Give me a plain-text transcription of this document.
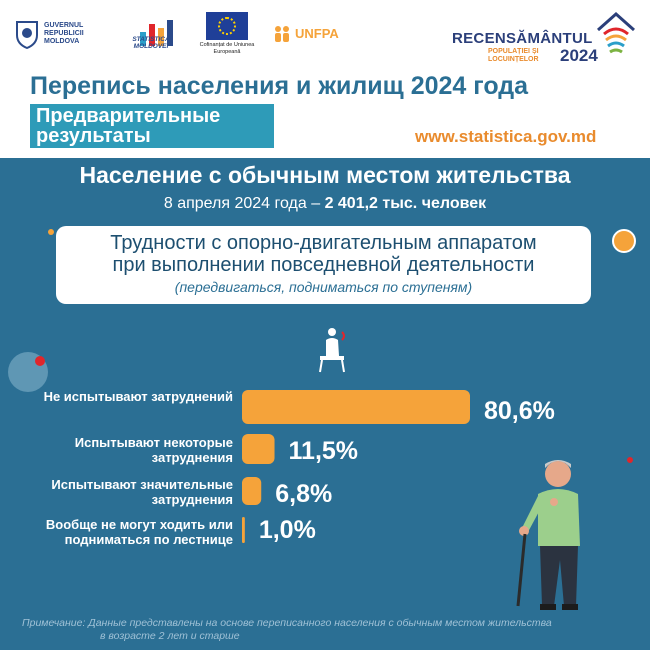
GUVERNUL REPUBLICII MOLDOVA	STATISTICA MOLDOVEI	Cofinanțat de Uniunea Europeană
UNFPA	RECENSĂMÂNTUL
POPULAȚIEI ȘI LOCUINȚELOR	2024
Перепись населения и жилищ 2024 года
Предварительные результаты	www.statistica.gov.md
Население с обычным местом жительства
8 апреля 2024 года – 2 401,2 тыс. человек
Трудности с опорно-двигательным аппаратом
при выполнении повседневной деятельности
(передвигаться, подниматься по ступеням)
Не испытывают затруднений
Испытывают некоторые затруднения
Испытывают значительные затруднения
Вообще не могут ходить или подниматься по лестнице
80,6%
11,5%
6,8%
1,0%
Примечание: Данные представлены на основе переписанного населения с обычным местом жительства
в возрасте 2 лет и старше
